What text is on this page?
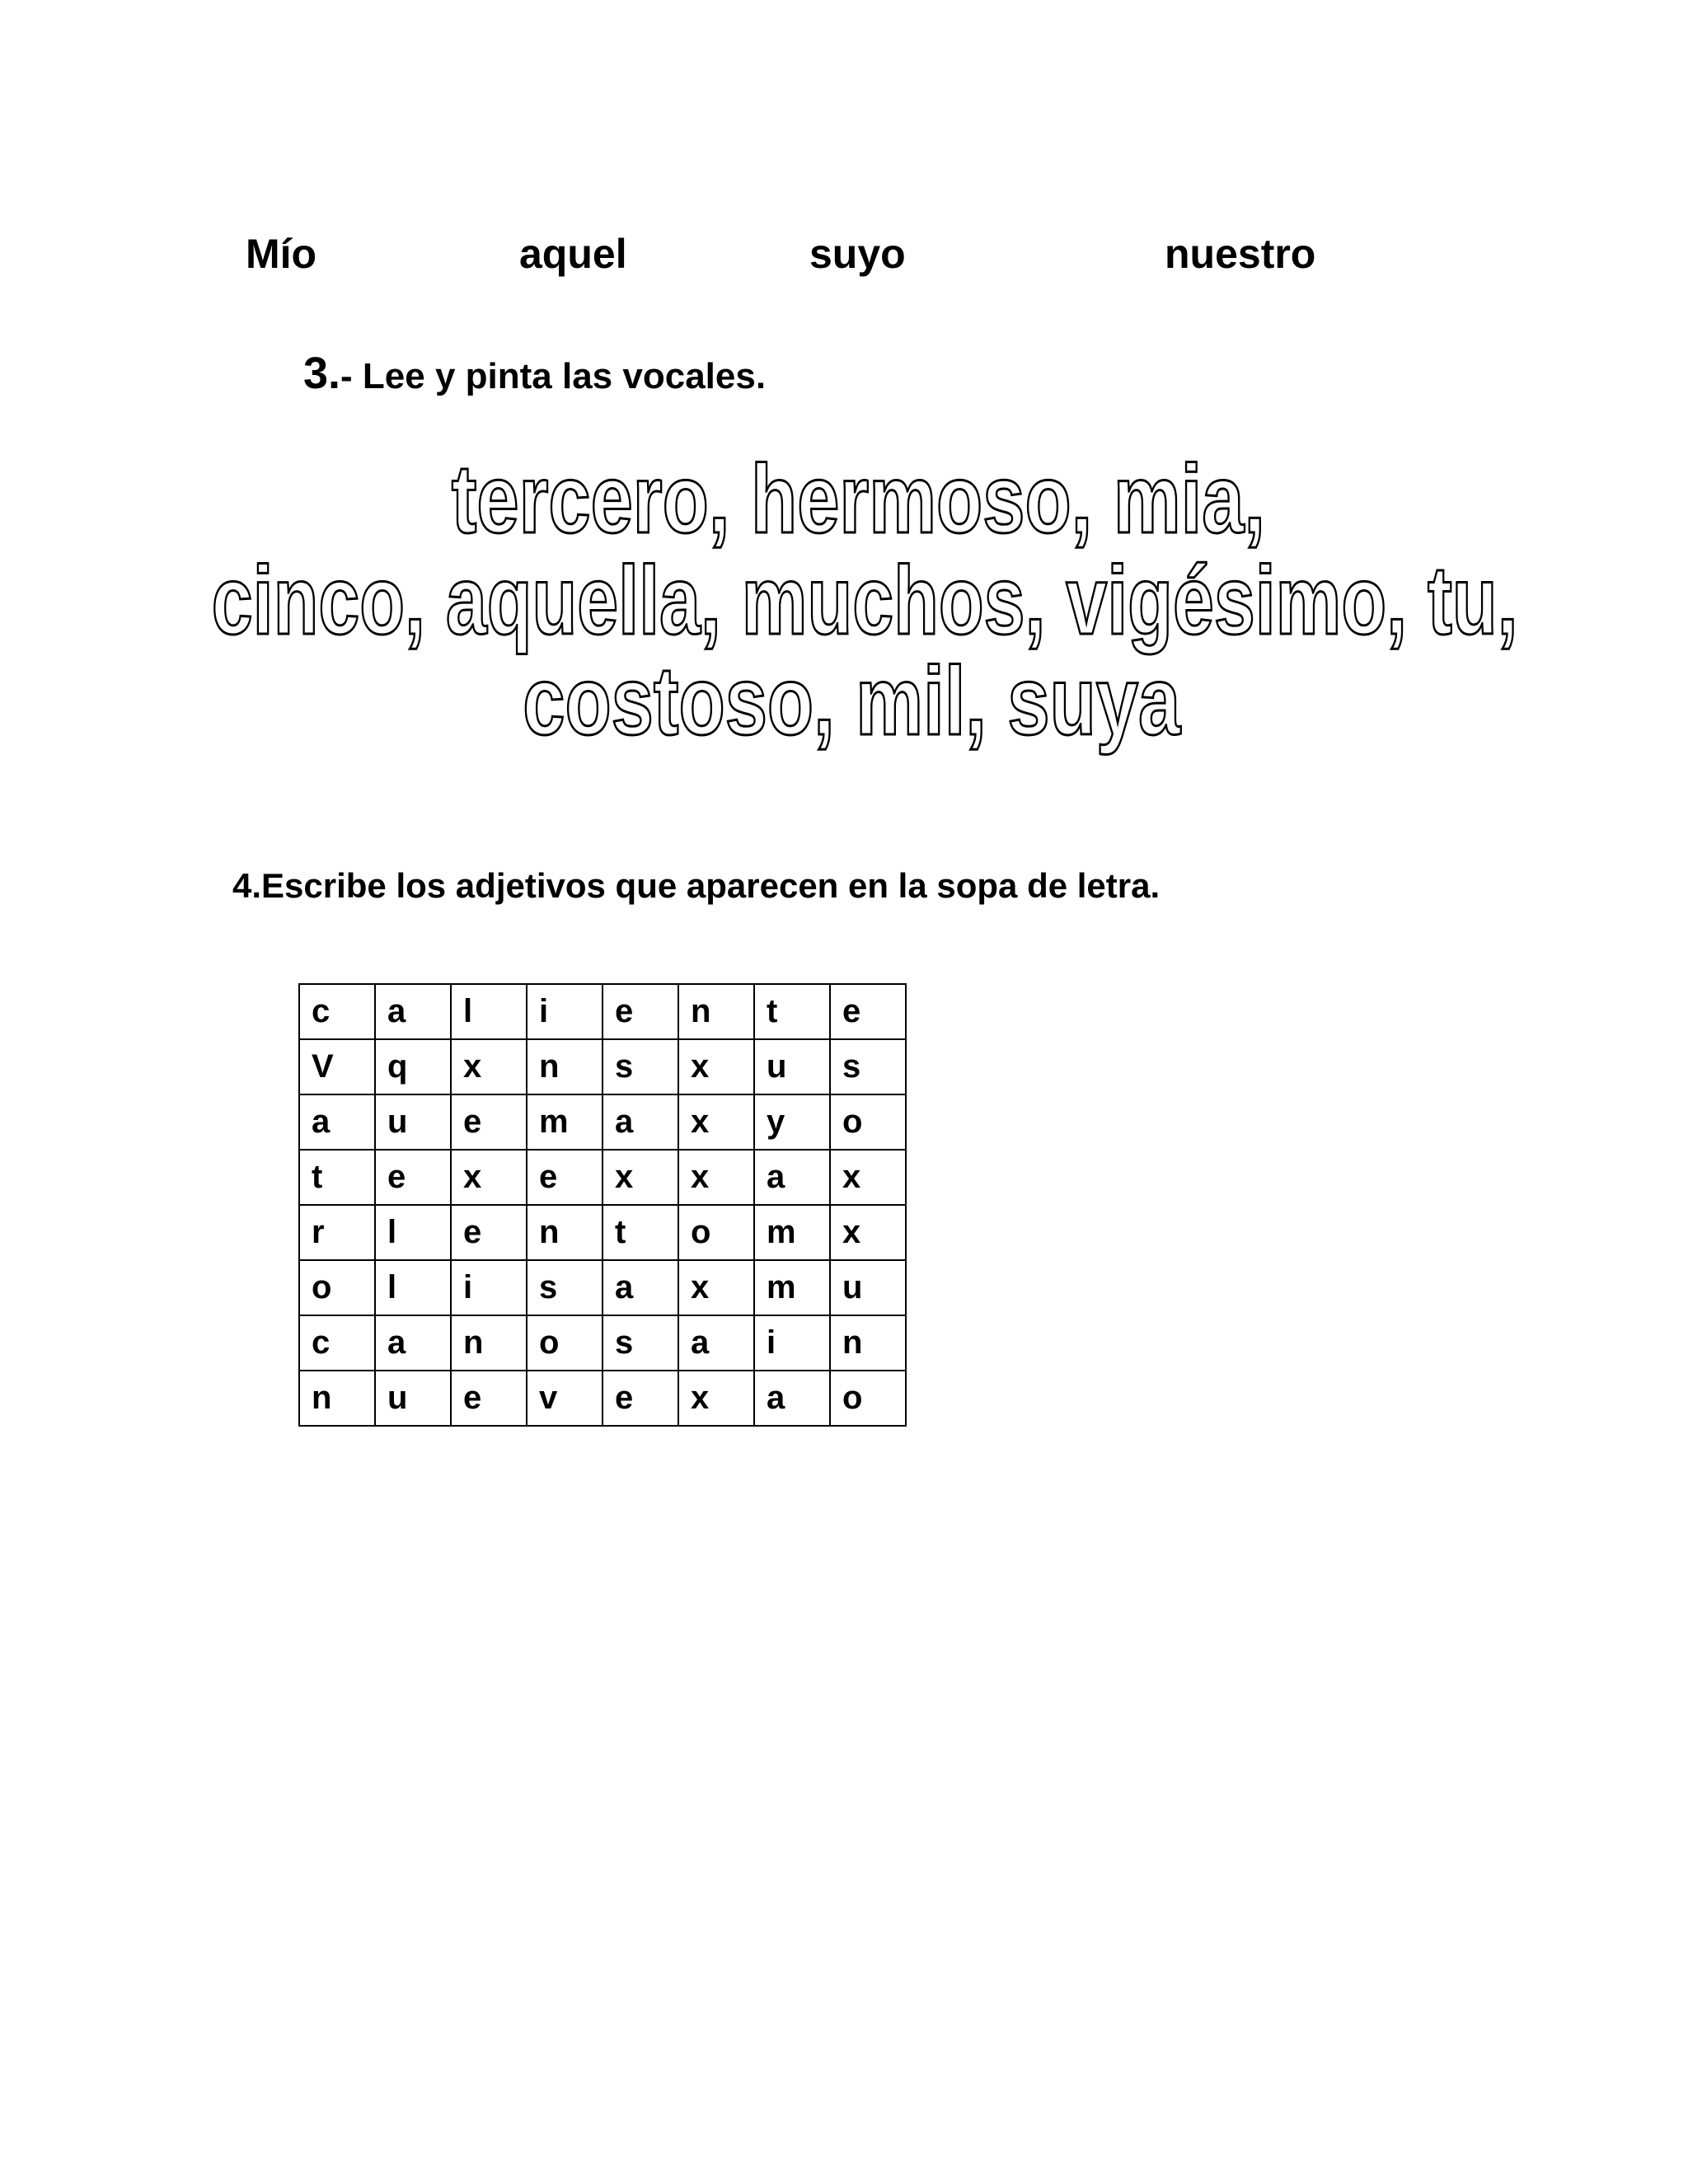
Mío	aquel	suyo	nuestro
3.- Lee y pinta las vocales.
tercero, hermoso, mia,
cinco, aquella, muchos, vigésimo, tu,
costoso, mil, suya
4.Escribe los adjetivos que aparecen en la sopa de letra.
c	a	l	i	e	n	t	e
V	q	x	n	s	x	u	s
a	u	e	m	a	x	y	o
t	e	x	e	x	x	a	x
r	l	e	n	t	o	m	x
o	l	i	s	a	x	m	u
c	a	n	o	s	a	i	n
n	u	e	v	e	x	a	o
